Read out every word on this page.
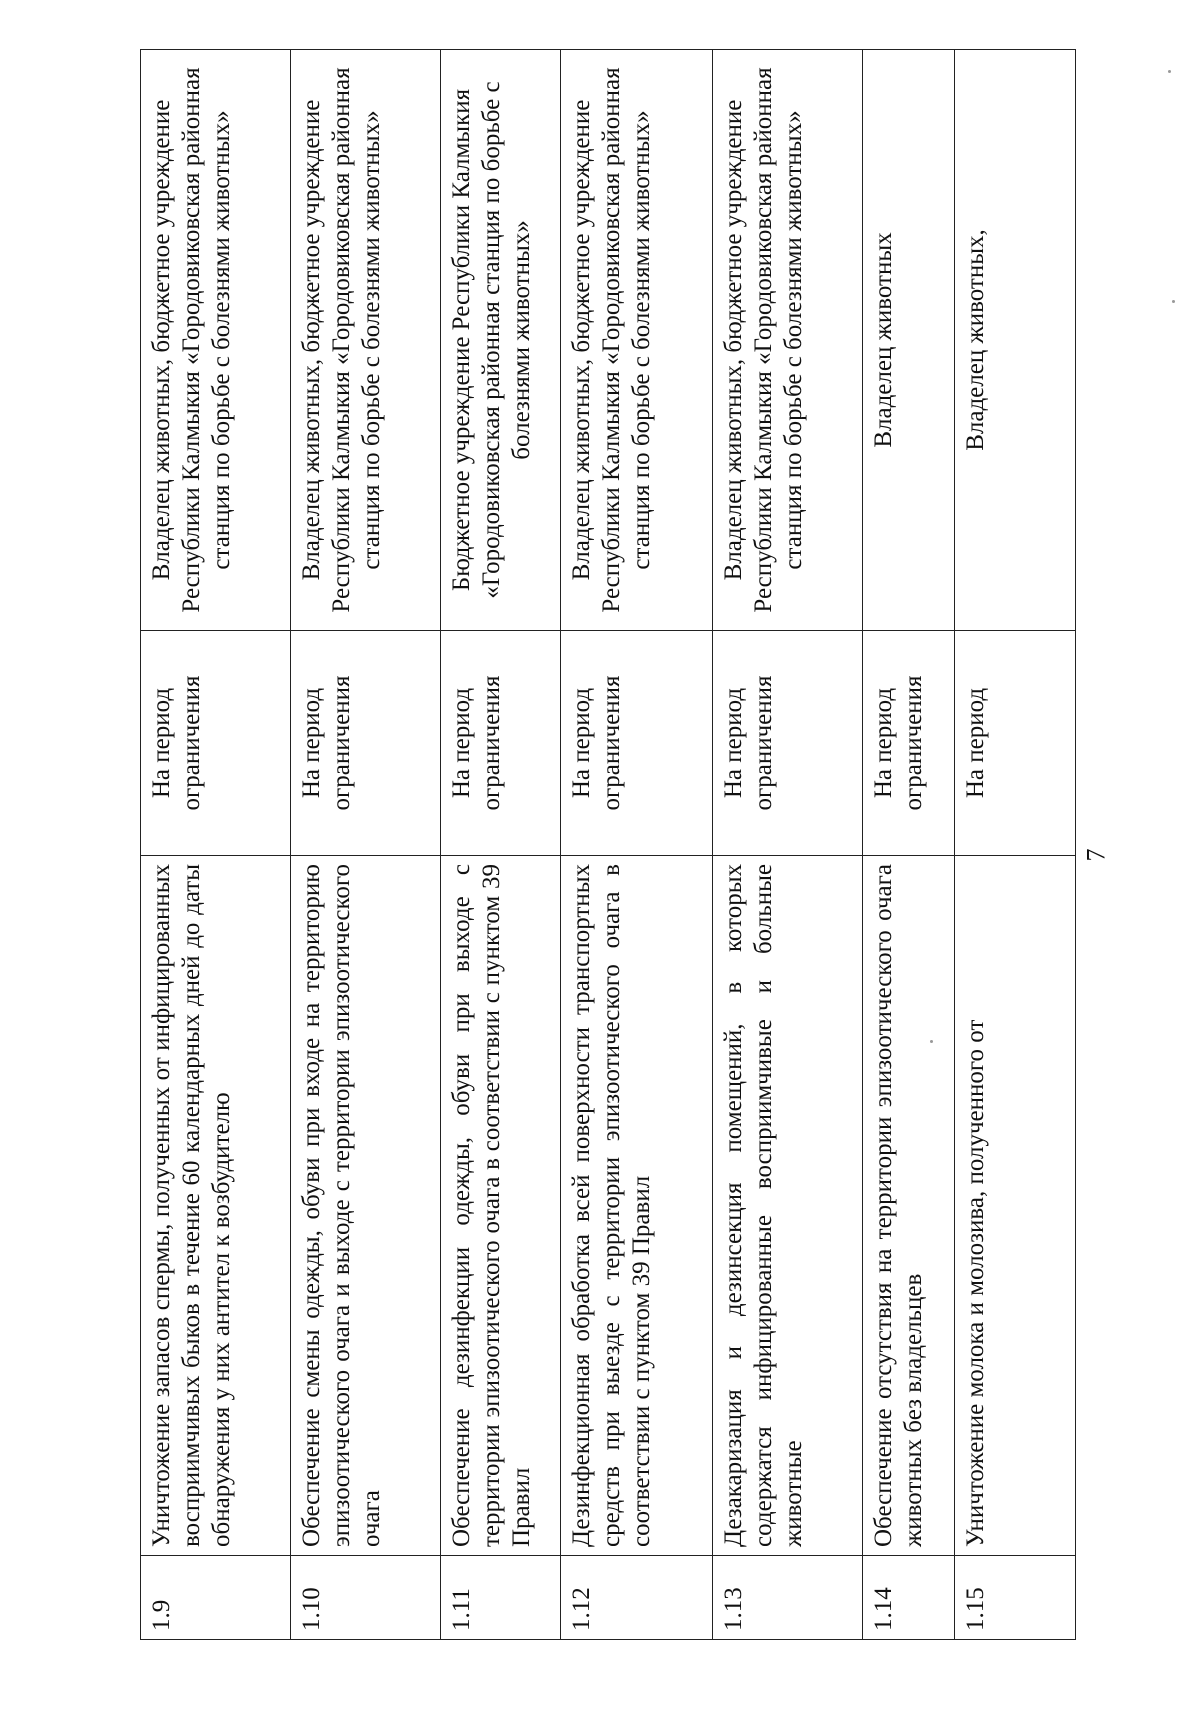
1.9	Уничтожение запасов спермы, полученных от инфицированных восприимчивых быков в течение 60 календарных дней до даты обнаружения у них антител к возбудителю	На период ограничения	Владелец животных, бюджетное учреждение Республики Калмыкия «Городовиковская районная станция по борьбе с болезнями животных»
1.10	Обеспечение смены одежды, обуви при входе на территорию эпизоотического очага и выходе с территории эпизоотического очага	На период ограничения	Владелец животных, бюджетное учреждение Республики Калмыкия «Городовиковская районная станция по борьбе с болезнями животных»
1.11	Обеспечение дезинфекции одежды, обуви при выходе с территории эпизоотического очага в соответствии с пунктом 39 Правил	На период ограничения	Бюджетное учреждение Республики Калмыкия «Городовиковская районная станция по борьбе с болезнями животных»
1.12	Дезинфекционная обработка всей поверхности транспортных средств при выезде с территории эпизоотического очага в соответствии с пунктом 39 Правил	На период ограничения	Владелец животных, бюджетное учреждение Республики Калмыкия «Городовиковская районная станция по борьбе с болезнями животных»
1.13	Дезакаризация и дезинсекция помещений, в которых содержатся инфицированные восприимчивые и больные животные	На период ограничения	Владелец животных, бюджетное учреждение Республики Калмыкия «Городовиковская районная станция по борьбе с болезнями животных»
1.14	Обеспечение отсутствия на территории эпизоотического очага животных без владельцев	На период ограничения	Владелец животных
1.15	Уничтожение молока и молозива, полученного от	На период	Владелец животных,
7
